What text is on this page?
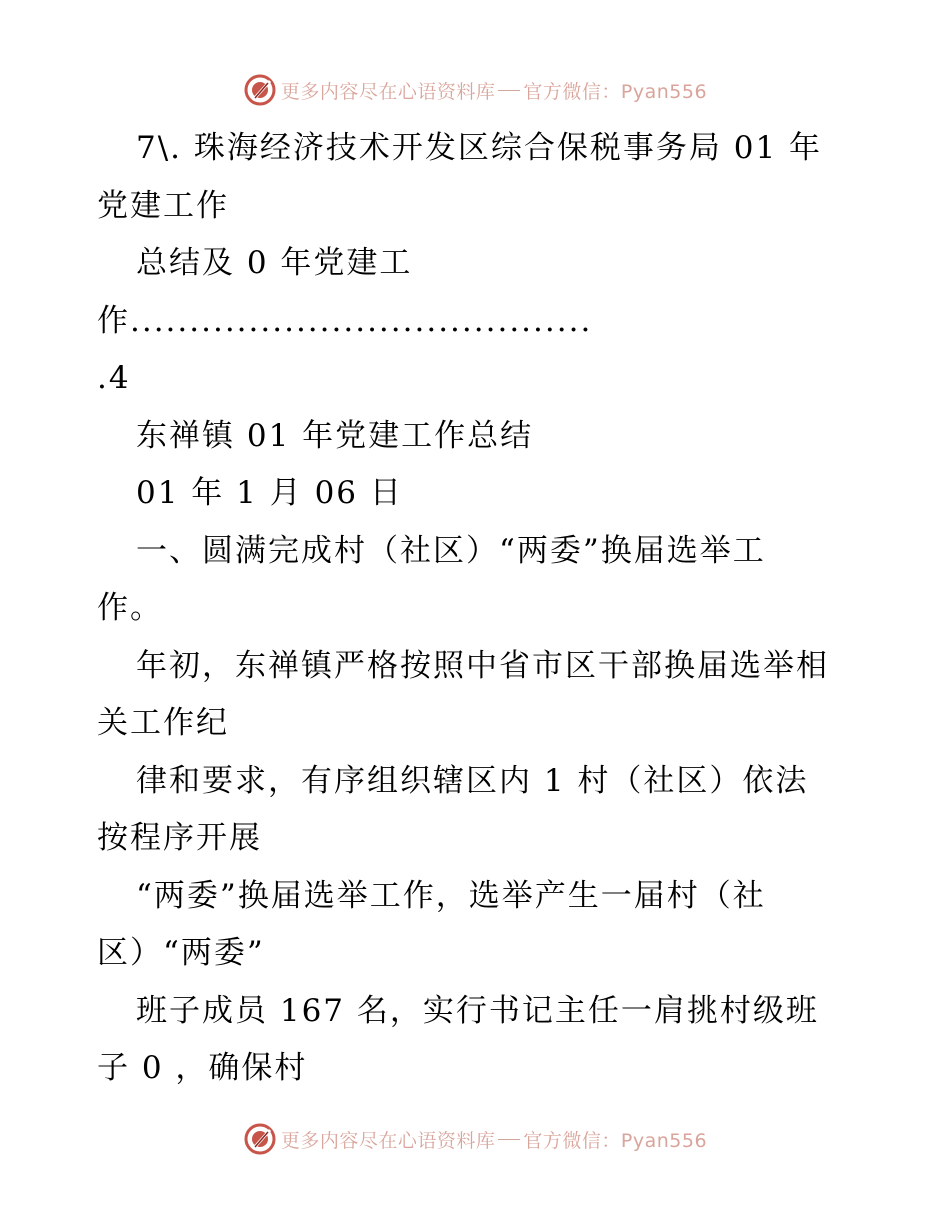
更多内容尽在心语资料库 官方微信：Pyan556
7\. 珠海经济技术开发区综合保税事务局 01 年
党建工作
总结及 0 年党建工
作.......................................
.4
东禅镇 01 年党建工作总结
01 年 1 月 06 日
一、圆满完成村（社区）“两委”换届选举工
作。
年初，东禅镇严格按照中省市区干部换届选举相
关工作纪
律和要求，有序组织辖区内 1 村（社区）依法
按程序开展
“两委”换届选举工作，选举产生一届村（社
区）“两委”
班子成员 167 名，实行书记主任一肩挑村级班
子 0 ，确保村
更多内容尽在心语资料库 官方微信：Pyan556
